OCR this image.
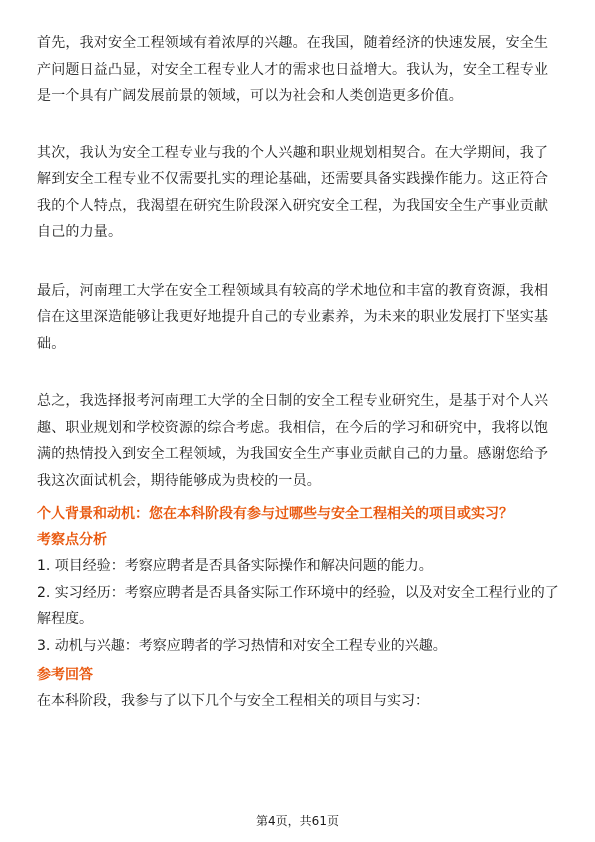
首先，我对安全工程领域有着浓厚的兴趣。在我国，随着经济的快速发展，安全生产问题日益凸显，对安全工程专业人才的需求也日益增大。我认为，安全工程专业是一个具有广阔发展前景的领域，可以为社会和人类创造更多价值。

其次，我认为安全工程专业与我的个人兴趣和职业规划相契合。在大学期间，我了解到安全工程专业不仅需要扎实的理论基础，还需要具备实践操作能力。这正符合我的个人特点，我渴望在研究生阶段深入研究安全工程，为我国安全生产事业贡献自己的力量。

最后，河南理工大学在安全工程领域具有较高的学术地位和丰富的教育资源，我相信在这里深造能够让我更好地提升自己的专业素养，为未来的职业发展打下坚实基础。

总之，我选择报考河南理工大学的全日制的安全工程专业研究生，是基于对个人兴趣、职业规划和学校资源的综合考虑。我相信，在今后的学习和研究中，我将以饱满的热情投入到安全工程领域，为我国安全生产事业贡献自己的力量。感谢您给予我这次面试机会，期待能够成为贵校的一员。

个人背景和动机：您在本科阶段有参与过哪些与安全工程相关的项目或实习？

考察点分析

1. 项目经验：考察应聘者是否具备实际操作和解决问题的能力。

2. 实习经历：考察应聘者是否具备实际工作环境中的经验，以及对安全工程行业的了解程度。

3. 动机与兴趣：考察应聘者的学习热情和对安全工程专业的兴趣。

参考回答

在本科阶段，我参与了以下几个与安全工程相关的项目与实习：

第4页，共61页
